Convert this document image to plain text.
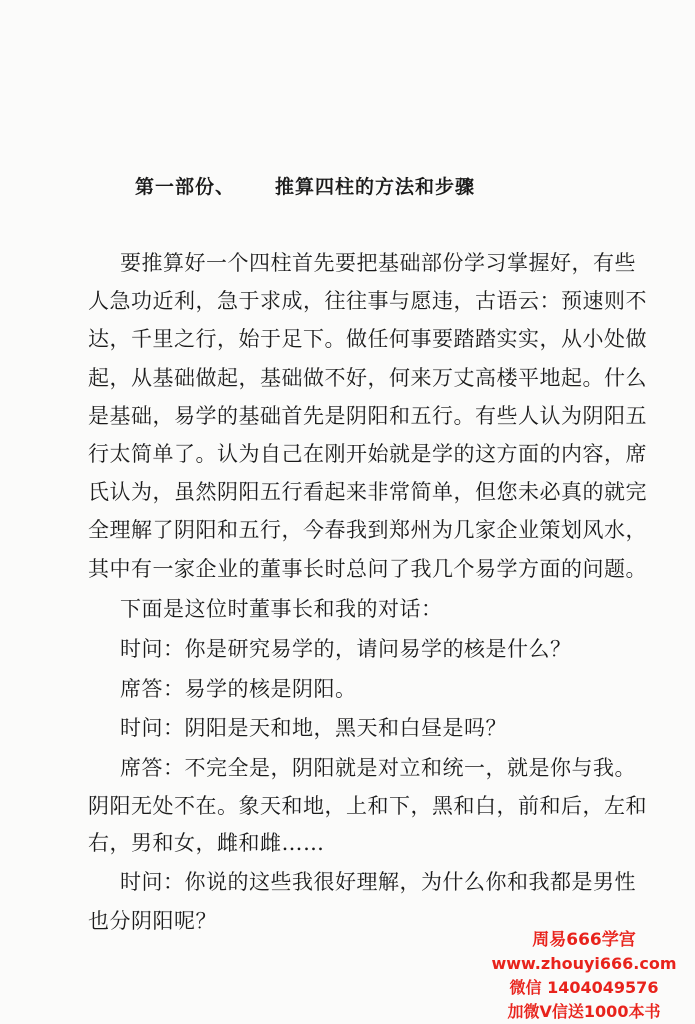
第一部份、 推算四柱的方法和步骤
要推算好一个四柱首先要把基础部份学习掌握好，有些
人急功近利，急于求成，往往事与愿违，古语云：预速则不
达，千里之行，始于足下。做任何事要踏踏实实，从小处做
起，从基础做起，基础做不好，何来万丈高楼平地起。什么
是基础，易学的基础首先是阴阳和五行。有些人认为阴阳五
行太简单了。认为自己在刚开始就是学的这方面的内容，席
氏认为，虽然阴阳五行看起来非常简单，但您未必真的就完
全理解了阴阳和五行，今春我到郑州为几家企业策划风水，
其中有一家企业的董事长时总问了我几个易学方面的问题。
下面是这位时董事长和我的对话：
时问：你是研究易学的，请问易学的核是什么？
席答：易学的核是阴阳。
时问：阴阳是天和地，黑天和白昼是吗？
席答：不完全是，阴阳就是对立和统一，就是你与我。
阴阳无处不在。象天和地，上和下，黑和白，前和后，左和
右，男和女，雌和雌……
时问：你说的这些我很好理解，为什么你和我都是男性
也分阴阳呢？
周易666学宫
www.zhouyi666.com
微信 1404049576
加微V信送1000本书
